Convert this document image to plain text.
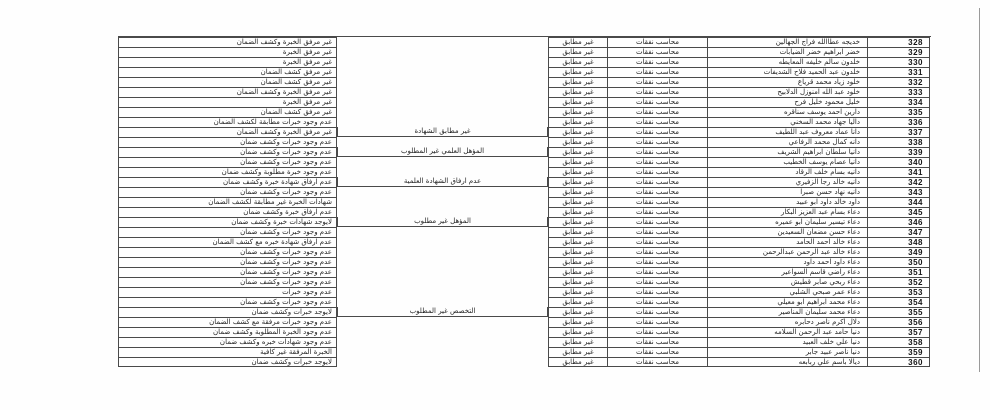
غير مرفق الخبرة وكشف الضمان	غير مطابق	محاسب نفقات	خديجه عطاالله فراج الجهالين	328
غير مرفق الخبرة	غير مطابق	محاسب نفقات	خضر ابراهيم خضر الضيابات	329
غير مرفق الخبرة	غير مطابق	محاسب نفقات	خلدون سالم خليفه المعايطه	330
غير مرفق كشف الضمان	غير مطابق	محاسب نفقات	خلدون عبد الحميد فلاح الشديفات	331
غير مرفق كشف الضمان	غير مطابق	محاسب نفقات	خلود زياد محمد قرياع	332
غير مرفق الخبرة وكشف الضمان	غير مطابق	محاسب نفقات	خلود عبد الله امنوزل الدلابيح	333
غير مرفق الخبرة	غير مطابق	محاسب نفقات	خليل محمود خليل فرح	334
غير مرفق كشف الضمان	غير مطابق	محاسب نفقات	دارين احمد يوسف سناقره	335
عدم وجود خبرات مطابقة لكشف الضمان	غير مطابق	محاسب نفقات	داليا جهاد محمد السخني	336
غير مرفق الخبرة وكشف الضمان	غير مطابق الشهادة	غير مطابق	محاسب نفقات	دانا عماد معروف عبد اللطيف	337
عدم وجود خبرات وكشف ضمان	غير مطابق	محاسب نفقات	دانه كمال محمد الرفاعي	338
عدم وجود خبرات وكشف ضمان	المؤهل العلمي غير المطلوب	غير مطابق	محاسب نفقات	دانيا سلطان ابراهيم الشريف	339
عدم وجود خبرات وكشف ضمان	غير مطابق	محاسب نفقات	دانيا عصام يوسف الخطيب	340
عدم وجود خبرة مطلوبة وكشف ضمان	غير مطابق	محاسب نفقات	دانيه بسام خلف الرقاد	341
عدم ارفاق شهادة خبرة وكشف ضمان	عدم ارفاق الشهادة العلمية	غير مطابق	محاسب نفقات	دانيه خالد رجا الزفيري	342
عدم وجود خبرات وكشف ضمان	غير مطابق	محاسب نفقات	دانيه نهاد حسن صبرا	343
شهادات الخبرة غير مطابقة لكشف الضمان	غير مطابق	محاسب نفقات	داود خالد داود ابو عبيد	344
عدم ارفاق خبرة وكشف ضمان	غير مطابق	محاسب نفقات	دعاء بسام عبد العزيز البكار	345
لايوجد شهادات خبرة وكشف ضمان	المؤهل غير مطلوب	غير مطابق	محاسب نفقات	دعاء تيسير سليمان ابو عميره	346
عدم وجود خبرات وكشف ضمان	غير مطابق	محاسب نفقات	دعاء حسن مضعان السعيدين	347
عدم ارفاق شهادة خبره مع كشف الضمان	غير مطابق	محاسب نفقات	دعاء خالد احمد الحامد	348
عدم وجود خبرات وكشف ضمان	غير مطابق	محاسب نفقات	دعاء خالد عبد الرحمن عبدالرحمن	349
عدم وجود خبرات وكشف ضمان	غير مطابق	محاسب نفقات	دعاء داود احمد داود	350
عدم وجود خبرات وكشف ضمان	غير مطابق	محاسب نفقات	دعاء راضي قاسم السواعير	351
عدم وجود خبرات وكشف ضمان	غير مطابق	محاسب نفقات	دعاء ربحي صابر قطيش	352
عدم وجود خبرات	غير مطابق	محاسب نفقات	دعاء عمر صبحي الشلبي	353
عدم وجود خبرات وكشف ضمان	غير مطابق	محاسب نفقات	دعاء محمد ابراهيم ابو معيلي	354
لايوجد خبرات وكشف ضمان	التخصص غير المطلوب	غير مطابق	محاسب نفقات	دعاء محمد سليمان المناصير	355
عدم وجود خبرات مرفقة مع كشف الضمان	غير مطابق	محاسب نفقات	دلال اكرم ناصر دحابره	356
عدم وجود الخبرة المطلوبة وكشف ضمان	غير مطابق	محاسب نفقات	دنيا حامد عبد الرحمن السلامه	357
عدم وجود شهادات خبره وكشف ضمان	غير مطابق	محاسب نفقات	دنيا علي خلف العبيد	358
الخبرة المرفقة غير كافية	غير مطابق	محاسب نفقات	دنيا ناصر عبيد جابر	359
لايوجد خبرات وكشف ضمان	غير مطابق	محاسب نفقات	ديالا باسم علي ربابعه	360
